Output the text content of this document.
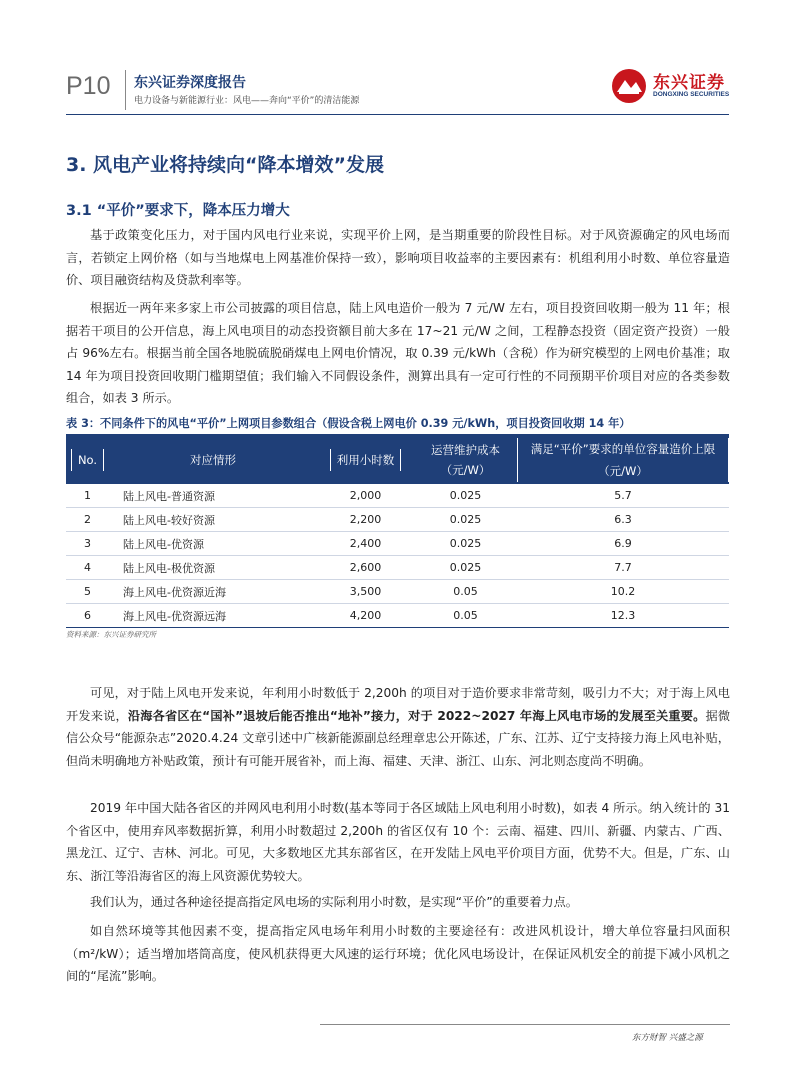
P10 东兴证券深度报告
电力设备与新能源行业：风电——奔向“平价”的清洁能源
东兴证券
DONGXING SECURITIES
3. 风电产业将持续向“降本增效”发展
3.1 “平价”要求下，降本压力增大
基于政策变化压力，对于国内风电行业来说，实现平价上网，是当期重要的阶段性目标。对于风资源确定的风电场而言，若锁定上网价格（如与当地煤电上网基准价保持一致），影响项目收益率的主要因素有：机组利用小时数、单位容量造价、项目融资结构及贷款利率等。
根据近一两年来多家上市公司披露的项目信息，陆上风电造价一般为 7 元/W 左右，项目投资回收期一般为 11 年；根据若干项目的公开信息，海上风电项目的动态投资额目前大多在 17~21 元/W 之间，工程静态投资（固定资产投资）一般占 96%左右。根据当前全国各地脱硫脱硝煤电上网电价情况，取 0.39 元/kWh（含税）作为研究模型的上网电价基准；取 14 年为项目投资回收期门槛期望值；我们输入不同假设条件，测算出具有一定可行性的不同预期平价项目对应的各类参数组合，如表 3 所示。
表 3：不同条件下的风电“平价”上网项目参数组合（假设含税上网电价 0.39 元/kWh，项目投资回收期 14 年）
No.	对应情形	利用小时数	运营维护成本
（元/W）	满足“平价”要求的单位容量造价上限（元/W）
1	陆上风电-普通资源	2,000	0.025	5.7
2	陆上风电-较好资源	2,200	0.025	6.3
3	陆上风电-优资源	2,400	0.025	6.9
4	陆上风电-极优资源	2,600	0.025	7.7
5	海上风电-优资源近海	3,500	0.05	10.2
6	海上风电-优资源远海	4,200	0.05	12.3
资料来源：东兴证券研究所
可见，对于陆上风电开发来说，年利用小时数低于 2,200h 的项目对于造价要求非常苛刻，吸引力不大；对于海上风电开发来说，沿海各省区在“国补”退坡后能否推出“地补”接力，对于 2022~2027 年海上风电市场的发展至关重要。据微信公众号“能源杂志”2020.4.24 文章引述中广核新能源副总经理章忠公开陈述，广东、江苏、辽宁支持接力海上风电补贴，但尚未明确地方补贴政策，预计有可能开展省补，而上海、福建、天津、浙江、山东、河北则态度尚不明确。
2019 年中国大陆各省区的并网风电利用小时数(基本等同于各区域陆上风电利用小时数)，如表 4 所示。纳入统计的 31 个省区中，使用弃风率数据折算，利用小时数超过 2,200h 的省区仅有 10 个：云南、福建、四川、新疆、内蒙古、广西、黑龙江、辽宁、吉林、河北。可见，大多数地区尤其东部省区，在开发陆上风电平价项目方面，优势不大。但是，广东、山东、浙江等沿海省区的海上风资源优势较大。
我们认为，通过各种途径提高指定风电场的实际利用小时数，是实现“平价”的重要着力点。
如自然环境等其他因素不变，提高指定风电场年利用小时数的主要途径有：改进风机设计，增大单位容量扫风面积（m²/kW）；适当增加塔筒高度，使风机获得更大风速的运行环境；优化风电场设计，在保证风机安全的前提下减小风机之间的“尾流”影响。
东方财智 兴盛之源
